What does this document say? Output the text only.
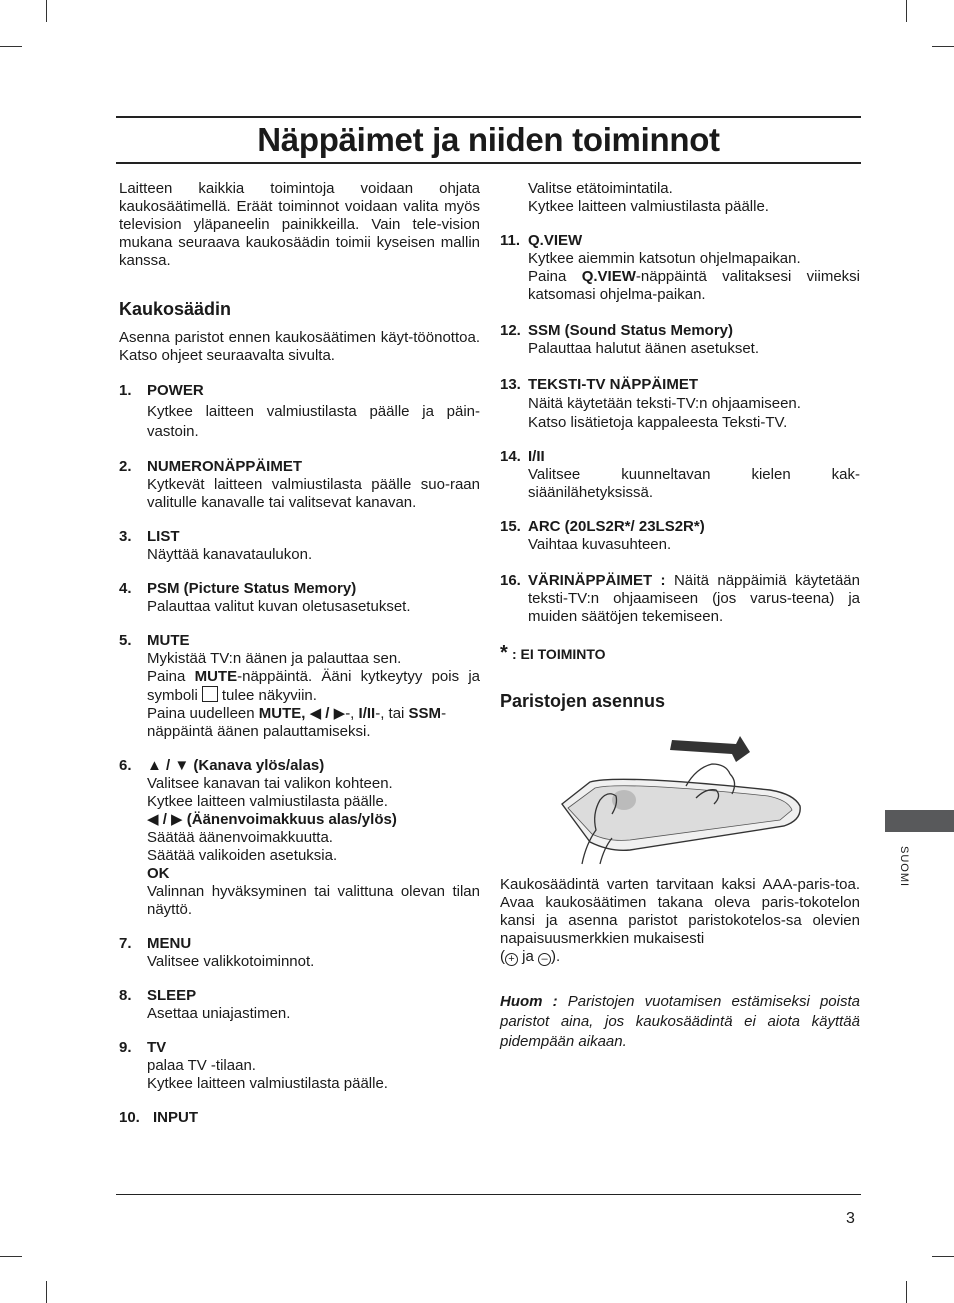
Näppäimet ja niiden toiminnot

Laitteen kaikkia toimintoja voidaan ohjata kaukosäätimellä. Eräät toiminnot voidaan valita myös television yläpaneelin painikkeilla. Vain tele-vision mukana seuraava kaukosäädin toimii kyseisen mallin kanssa.

Kaukosäädin

Asenna paristot ennen kaukosäätimen käyt-töönottoa. Katso ohjeet seuraavalta sivulta.

1. POWER

Kytkee laitteen valmiustilasta päälle ja päin-vastoin.

2. NUMERONÄPPÄIMET

Kytkevät laitteen valmiustilasta päälle suo-raan valitulle kanavalle tai valitsevat kanavan.

3. LIST

Näyttää kanavataulukon.

4. PSM (Picture Status Memory)

Palauttaa valitut kuvan oletusasetukset.

5. MUTE

Mykistää TV:n äänen ja palauttaa sen.

Paina MUTE-näppäintä. Ääni kytkeytyy pois ja symboli tulee näkyviin.

Paina uudelleen MUTE, ◀ / ▶-, I/II-, tai SSM-näppäintä äänen palauttamiseksi.

6. ▲ / ▼ (Kanava ylös/alas)

Valitsee kanavan tai valikon kohteen.

Kytkee laitteen valmiustilasta päälle.

◀ / ▶ (Äänenvoimakkuus alas/ylös)

Säätää äänenvoimakkuutta.

Säätää valikoiden asetuksia.

OK

Valinnan hyväksyminen tai valittuna olevan tilan näyttö.

7. MENU

Valitsee valikkotoiminnot.

8. SLEEP

Asettaa uniajastimen.

9. TV

palaa TV -tilaan.

Kytkee laitteen valmiustilasta päälle.

10. INPUT

Valitse etätoimintatila.

Kytkee laitteen valmiustilasta päälle.

11. Q.VIEW

Kytkee aiemmin katsotun ohjelmapaikan.

Paina Q.VIEW-näppäintä valitaksesi viimeksi katsomasi ohjelma-paikan.

12. SSM (Sound Status Memory)

Palauttaa halutut äänen asetukset.

13. TEKSTI-TV NÄPPÄIMET

Näitä käytetään teksti-TV:n ohjaamiseen.

Katso lisätietoja kappaleesta Teksti-TV.

14. I/II

Valitsee kuunneltavan kielen kak-siäänilähetyksissä.

15. ARC (20LS2R*/ 23LS2R*)

Vaihtaa kuvasuhteen.

16. VÄRINÄPPÄIMET : Näitä näppäimiä käytetään teksti-TV:n ohjaamiseen (jos varus-teena) ja muiden säätöjen tekemiseen.

* : EI TOIMINTO
Paristojen asennus

Kaukosäädintä varten tarvitaan kaksi AAA-paris-toa. Avaa kaukosäätimen takana oleva paris-tokotelon kansi ja asenna paristot paristokotelos-sa olevien napaisuusmerkkien mukaisesti

( + ja – ).

Huom : Paristojen vuotamisen estämiseksi poista paristot aina, jos kaukosäädintä ei aiota käyttää pidempään aikaan.

SUOMI
3
